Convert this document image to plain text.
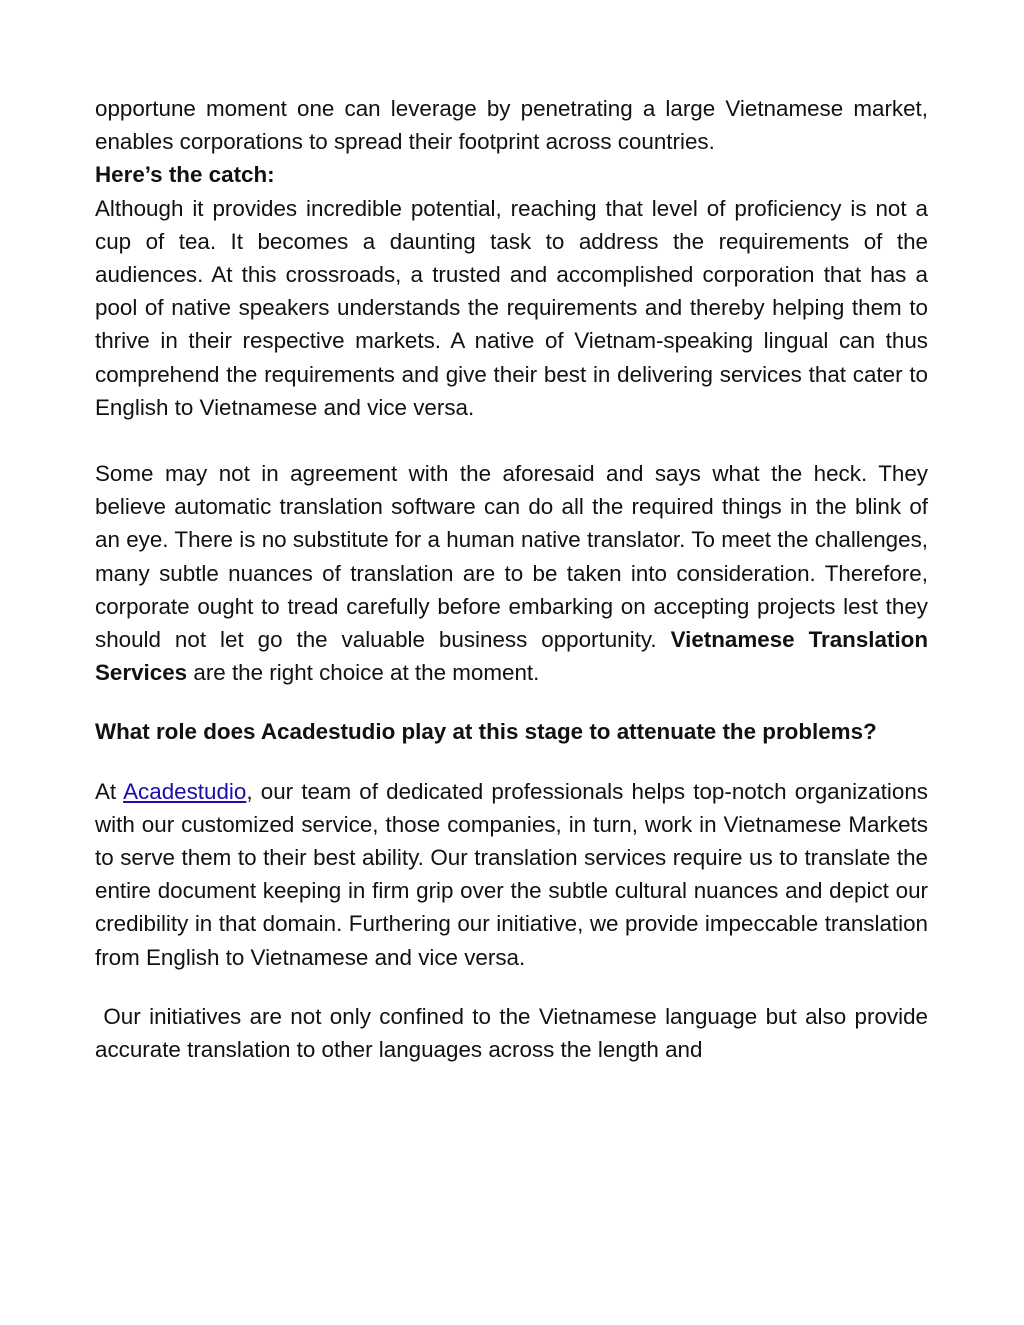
opportune moment one can leverage by penetrating a large Vietnamese market, enables corporations to spread their footprint across countries.

Here’s the catch:

Although it provides incredible potential, reaching that level of proficiency is not a cup of tea. It becomes a daunting task to address the requirements of the audiences. At this crossroads, a trusted and accomplished corporation that has a pool of native speakers understands the requirements and thereby helping them to thrive in their respective markets. A native of Vietnam-speaking lingual can thus comprehend the requirements and give their best in delivering services that cater to English to Vietnamese and vice versa.

Some may not in agreement with the aforesaid and says what the heck. They believe automatic translation software can do all the required things in the blink of an eye. There is no substitute for a human native translator. To meet the challenges, many subtle nuances of translation are to be taken into consideration. Therefore, corporate ought to tread carefully before embarking on accepting projects lest they should not let go the valuable business opportunity. Vietnamese Translation Services are the right choice at the moment.

What role does Acadestudio play at this stage to attenuate the problems?

At Acadestudio, our team of dedicated professionals helps top-notch organizations with our customized service, those companies, in turn, work in Vietnamese Markets to serve them to their best ability. Our translation services require us to translate the entire document keeping in firm grip over the subtle cultural nuances and depict our credibility in that domain. Furthering our initiative, we provide impeccable translation from English to Vietnamese and vice versa.

Our initiatives are not only confined to the Vietnamese language but also provide accurate translation to other languages across the length and
